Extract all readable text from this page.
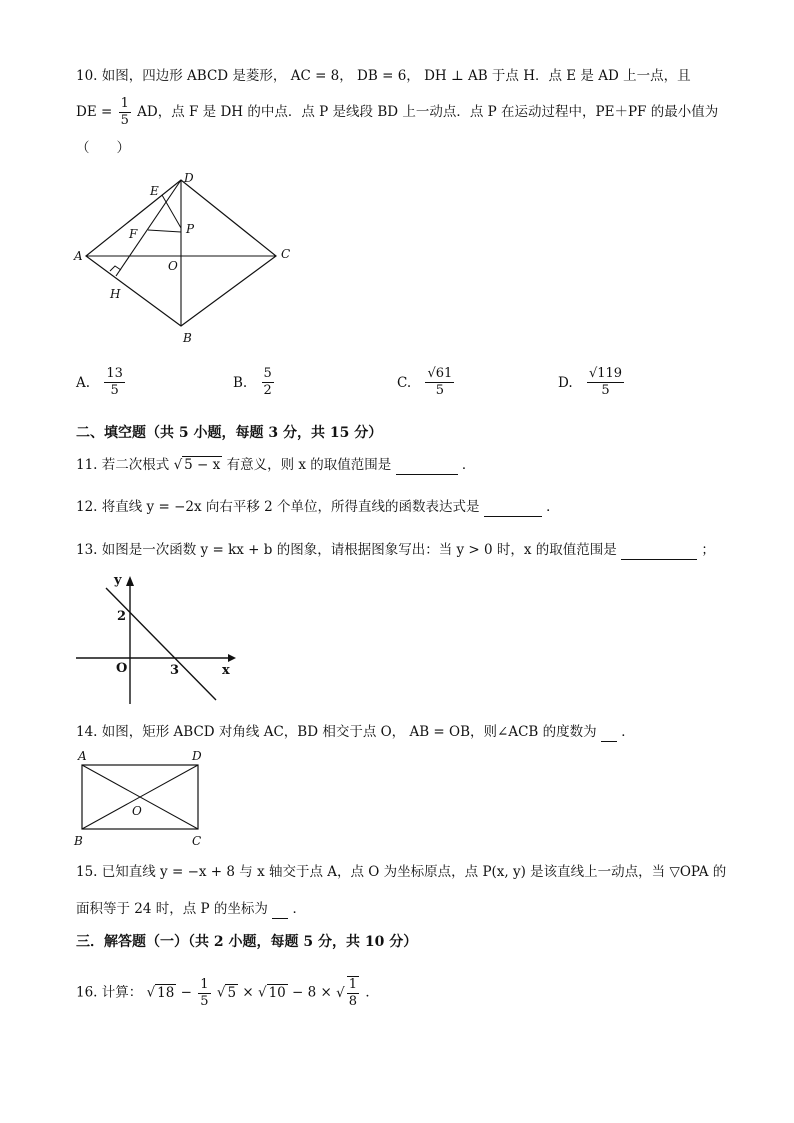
10. 如图，四边形 ABCD 是菱形， AC = 8， DB = 6， DH ⊥ AB 于点 H．点 E 是 AD 上一点，且
DE = $\frac{1}{5}$ AD，点 F 是 DH 的中点．点 P 是线段 BD 上一动点．点 P 在运动过程中，PE＋PF 的最小值为
（　　）
A
D
C
B
E
F	P
O
H
A. $\frac{13}{5}$	B. $\frac{5}{2}$	C. $\frac{√61}{5}$	D. $\frac{√119}{5}$
二、填空题（共 5 小题，每题 3 分，共 15 分）
11. 若二次根式 √ 5 − x 有意义，则 x 的取值范围是	．
12. 将直线 y = −2x 向右平移 2 个单位，所得直线的函数表达式是	．
13. 如图是一次函数 y = kx + b 的图象，请根据图象写出：当 y > 0 时，x 的取值范围是	；
y
x
O
2
3
14. 如图，矩形 ABCD 对角线 AC，BD 相交于点 O， AB = OB，则∠ACB 的度数为 ．
A	D
B	C
O
15. 已知直线 y = −x + 8 与 x 轴交于点 A，点 O 为坐标原点，点 P(x, y) 是该直线上一动点，当 ▽OPA 的
面积等于 24 时，点 P 的坐标为 ．
三．解答题（一）（共 2 小题，每题 5 分，共 10 分）
16. 计算： √ $18 - \frac{1}{5}$ √ 5 × √ 10 − 8 × √ $\frac{1}{8}$ ．
